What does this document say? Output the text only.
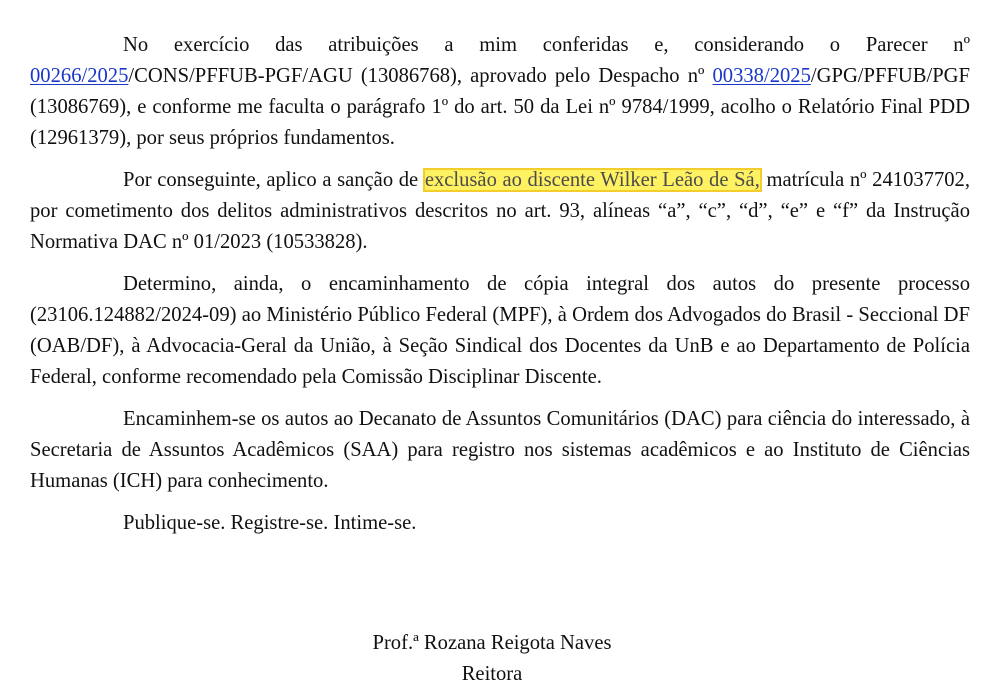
No exercício das atribuições a mim conferidas e, considerando o Parecer nº 00266/2025/CONS/PFFUB-PGF/AGU (13086768), aprovado pelo Despacho nº 00338/2025/GPG/PFFUB/PGF (13086769), e conforme me faculta o parágrafo 1º do art. 50 da Lei nº 9784/1999, acolho o Relatório Final PDD (12961379), por seus próprios fundamentos.

Por conseguinte, aplico a sanção de exclusão ao discente Wilker Leão de Sá, matrícula nº 241037702, por cometimento dos delitos administrativos descritos no art. 93, alíneas “a”, “c”, “d”, “e” e “f” da Instrução Normativa DAC nº 01/2023 (10533828).

Determino, ainda, o encaminhamento de cópia integral dos autos do presente processo (23106.124882/2024-09) ao Ministério Público Federal (MPF), à Ordem dos Advogados do Brasil - Seccional DF (OAB/DF), à Advocacia-Geral da União, à Seção Sindical dos Docentes da UnB e ao Departamento de Polícia Federal, conforme recomendado pela Comissão Disciplinar Discente.

Encaminhem-se os autos ao Decanato de Assuntos Comunitários (DAC) para ciência do interessado, à Secretaria de Assuntos Acadêmicos (SAA) para registro nos sistemas acadêmicos e ao Instituto de Ciências Humanas (ICH) para conhecimento.

Publique-se. Registre-se. Intime-se.

Prof.ª Rozana Reigota Naves
Reitora
